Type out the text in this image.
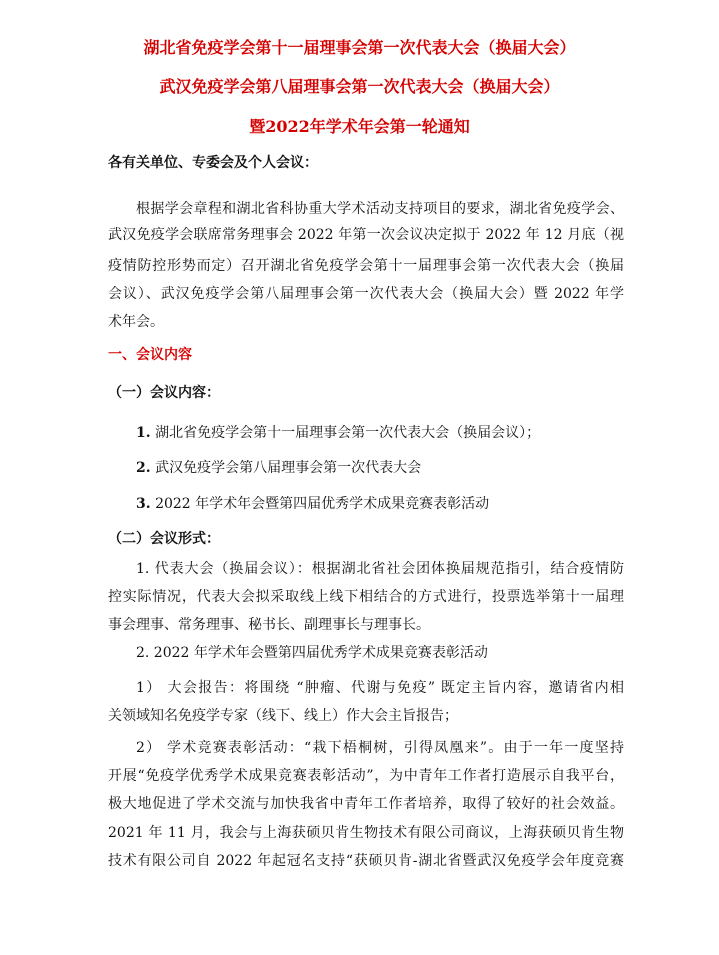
湖北省免疫学会第十一届理事会第一次代表大会（换届大会）
武汉免疫学会第八届理事会第一次代表大会（换届大会）
暨2022年学术年会第一轮通知
各有关单位、专委会及个人会议：
根据学会章程和湖北省科协重大学术活动支持项目的要求，湖北省免疫学会、
武汉免疫学会联席常务理事会 2022 年第一次会议决定拟于 2022 年 12 月底（视
疫情防控形势而定）召开湖北省免疫学会第十一届理事会第一次代表大会（换届
会议）、武汉免疫学会第八届理事会第一次代表大会（换届大会）暨 2022 年学
术年会。
一、会议内容
（一）会议内容：
1. 湖北省免疫学会第十一届理事会第一次代表大会（换届会议）；
2. 武汉免疫学会第八届理事会第一次代表大会
3. 2022 年学术年会暨第四届优秀学术成果竞赛表彰活动
（二）会议形式：
1. 代表大会（换届会议）：根据湖北省社会团体换届规范指引，结合疫情防
控实际情况，代表大会拟采取线上线下相结合的方式进行，投票选举第十一届理
事会理事、常务理事、秘书长、副理事长与理事长。
2. 2022 年学术年会暨第四届优秀学术成果竞赛表彰活动
1） 大会报告：将围绕 “肿瘤、代谢与免疫” 既定主旨内容，邀请省内相
关领域知名免疫学专家（线下、线上）作大会主旨报告；
2） 学术竞赛表彰活动：“栽下梧桐树，引得凤凰来”。由于一年一度坚持
开展“免疫学优秀学术成果竞赛表彰活动”，为中青年工作者打造展示自我平台，
极大地促进了学术交流与加快我省中青年工作者培养，取得了较好的社会效益。
2021 年 11 月，我会与上海获硕贝肯生物技术有限公司商议，上海获硕贝肯生物
技术有限公司自 2022 年起冠名支持“获硕贝肯-湖北省暨武汉免疫学会年度竞赛
